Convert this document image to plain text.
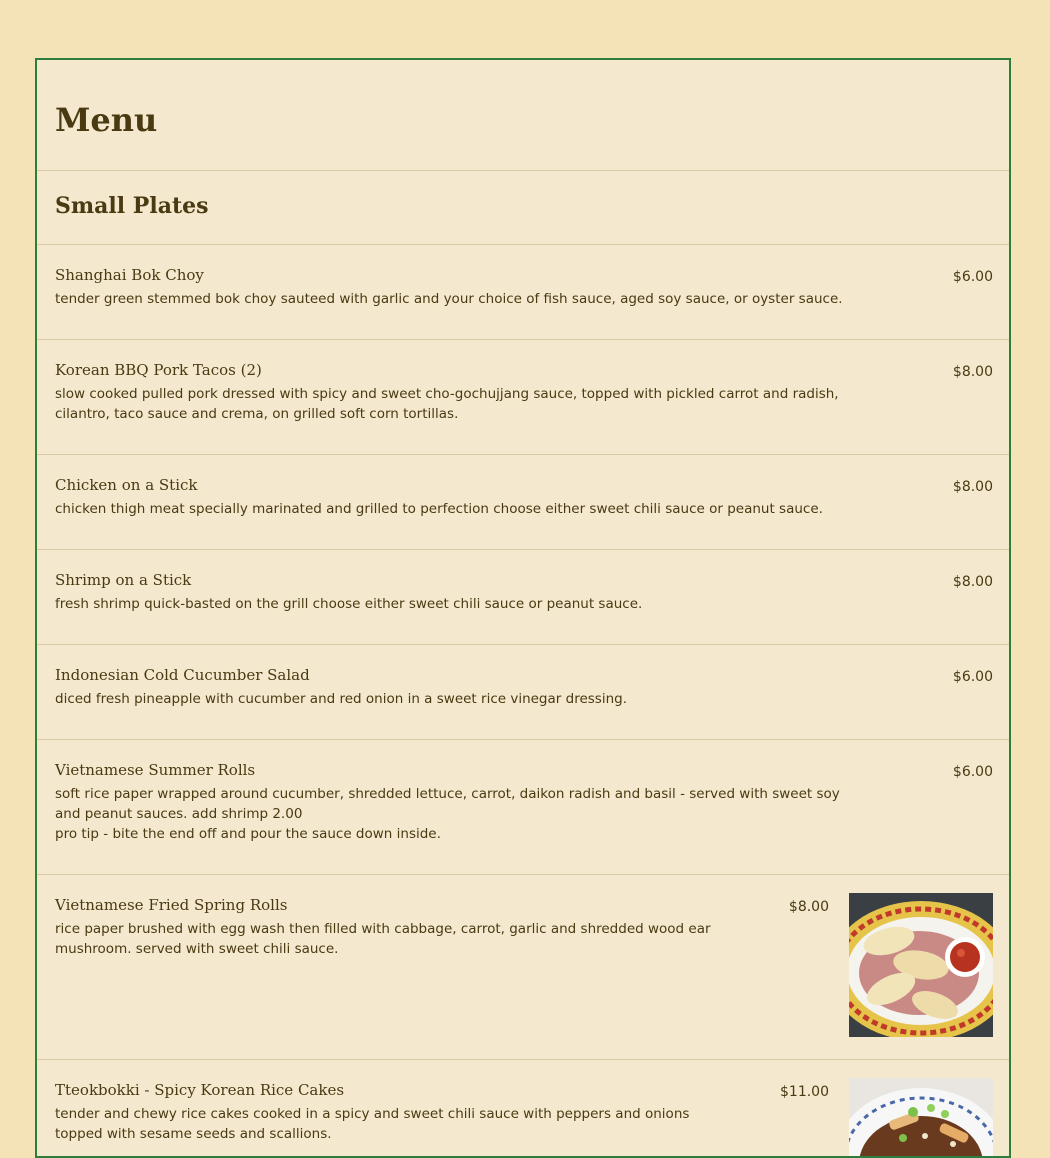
Menu
Small Plates
Shanghai Bok Choy

tender green stemmed bok choy sauteed with garlic and your choice of fish sauce, aged soy sauce, or oyster sauce.

$6.00
Korean BBQ Pork Tacos (2)

slow cooked pulled pork dressed with spicy and sweet cho-gochujjang sauce, topped with pickled carrot and radish, cilantro, taco sauce and crema, on grilled soft corn tortillas.

$8.00
Chicken on a Stick

chicken thigh meat specially marinated and grilled to perfection choose either sweet chili sauce or peanut sauce.

$8.00
Shrimp on a Stick

fresh shrimp quick-basted on the grill choose either sweet chili sauce or peanut sauce.

$8.00
Indonesian Cold Cucumber Salad

diced fresh pineapple with cucumber and red onion in a sweet rice vinegar dressing.

$6.00
Vietnamese Summer Rolls

soft rice paper wrapped around cucumber, shredded lettuce, carrot, daikon radish and basil - served with sweet soy and peanut sauces. add shrimp 2.00
pro tip - bite the end off and pour the sauce down inside.

$6.00
Vietnamese Fried Spring Rolls

rice paper brushed with egg wash then filled with cabbage, carrot, garlic and shredded wood ear mushroom. served with sweet chili sauce.

$8.00
Tteokbokki - Spicy Korean Rice Cakes

tender and chewy rice cakes cooked in a spicy and sweet chili sauce with peppers and onions topped with sesame seeds and scallions.

$11.00
